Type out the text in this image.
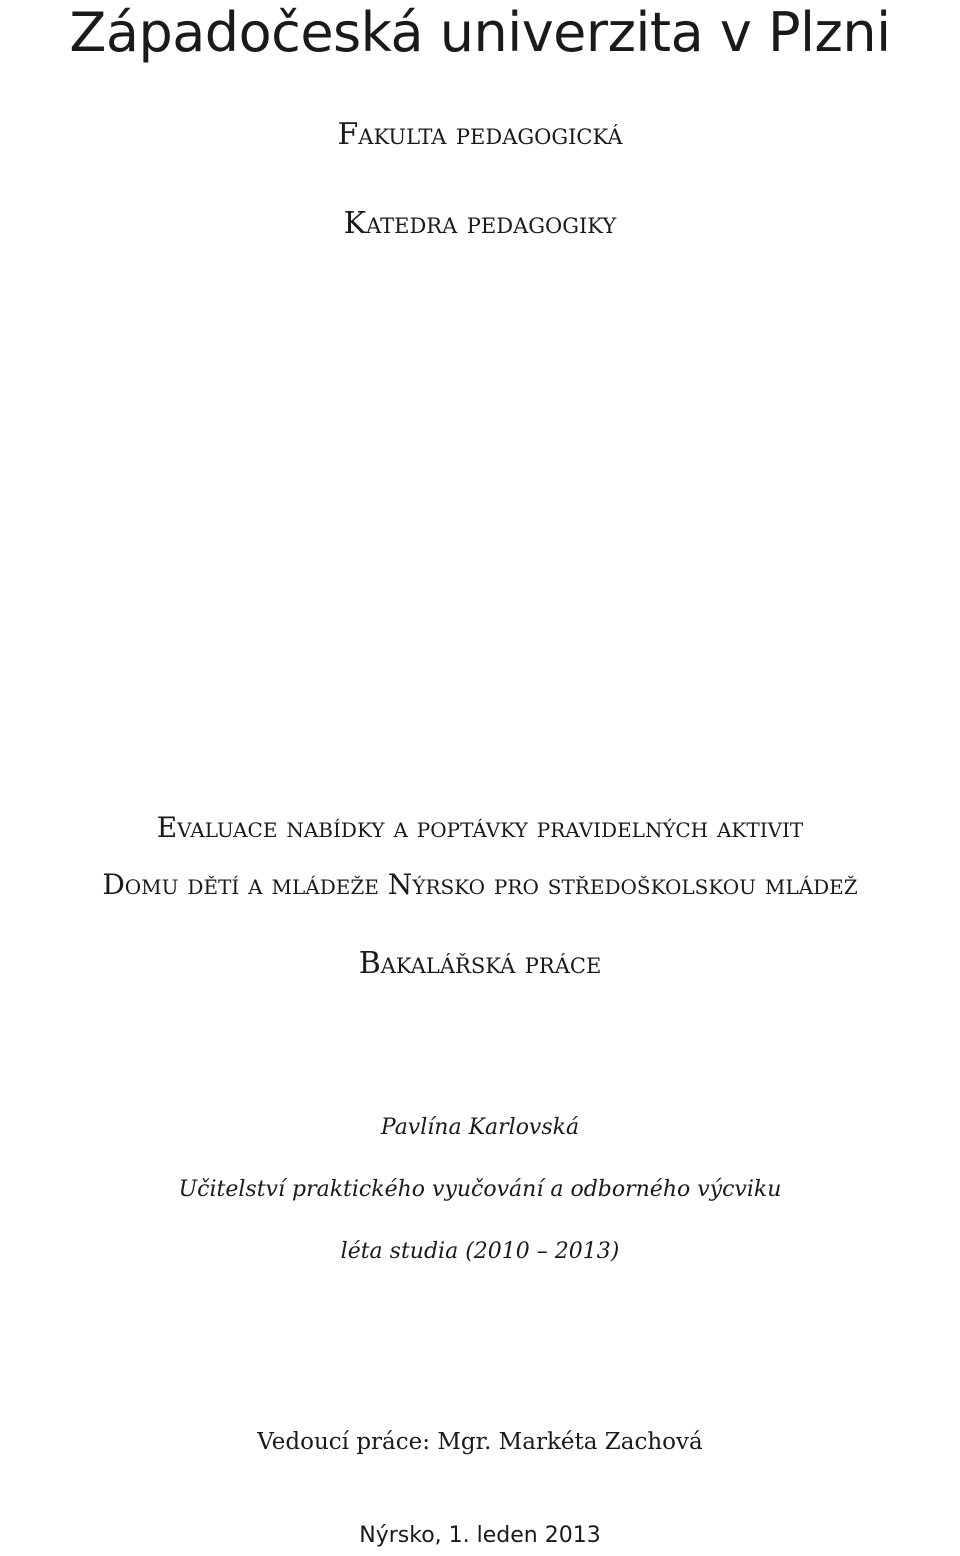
Západočeská univerzita v Plzni
Fakulta pedagogická
Katedra pedagogiky
Evaluace nabídky a poptávky pravidelných aktivit
Domu dětí a mládeže Nýrsko pro středoškolskou mládež
Bakalářská práce
Pavlína Karlovská
Učitelství praktického vyučování a odborného výcviku
léta studia (2010 – 2013)
Vedoucí práce: Mgr. Markéta Zachová
Nýrsko, 1. leden 2013
